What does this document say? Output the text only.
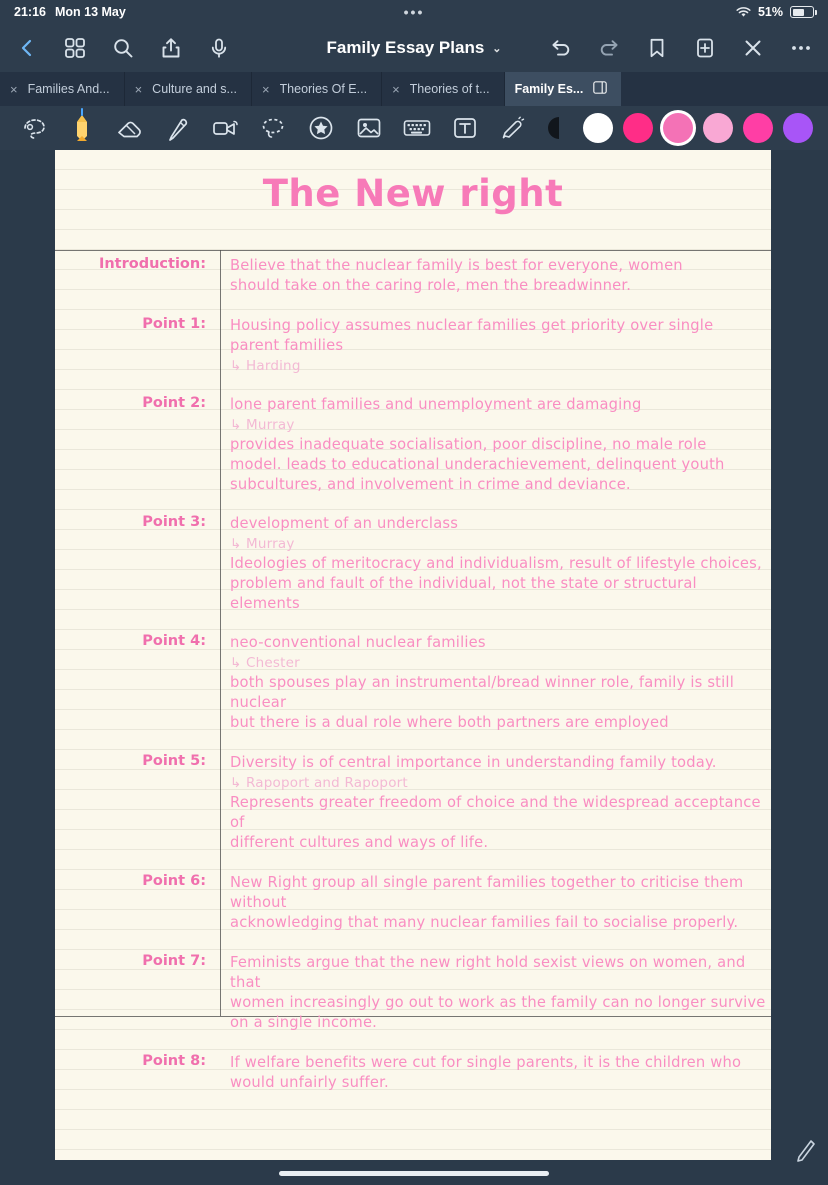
21:16 Mon 13 May	•••	51%
Family Essay Plans ⌄
× Families And... × Culture and s... × Theories Of E... × Theories of t... Family Es...
The New right
Introduction:	Believe that the nuclear family is best for everyone, women

should take on the caring role, men the breadwinner.

Point 1:	Housing policy assumes nuclear families get priority over single

parent families

↳ Harding

Point 2:	lone parent families and unemployment are damaging

↳ Murray

provides inadequate socialisation, poor discipline, no male role

model. leads to educational underachievement, delinquent youth

subcultures, and involvement in crime and deviance.

Point 3:	development of an underclass

↳ Murray

Ideologies of meritocracy and individualism, result of lifestyle choices,

problem and fault of the individual, not the state or structural

elements

Point 4:	neo-conventional nuclear families

↳ Chester

both spouses play an instrumental/bread winner role, family is still nuclear

but there is a dual role where both partners are employed

Point 5:	Diversity is of central importance in understanding family today.

↳ Rapoport and Rapoport

Represents greater freedom of choice and the widespread acceptance of

different cultures and ways of life.

Point 6:	New Right group all single parent families together to criticise them without

acknowledging that many nuclear families fail to socialise properly.

Point 7:	Feminists argue that the new right hold sexist views on women, and that

women increasingly go out to work as the family can no longer survive

on a single income.

Point 8:	If welfare benefits were cut for single parents, it is the children who

would unfairly suffer.
